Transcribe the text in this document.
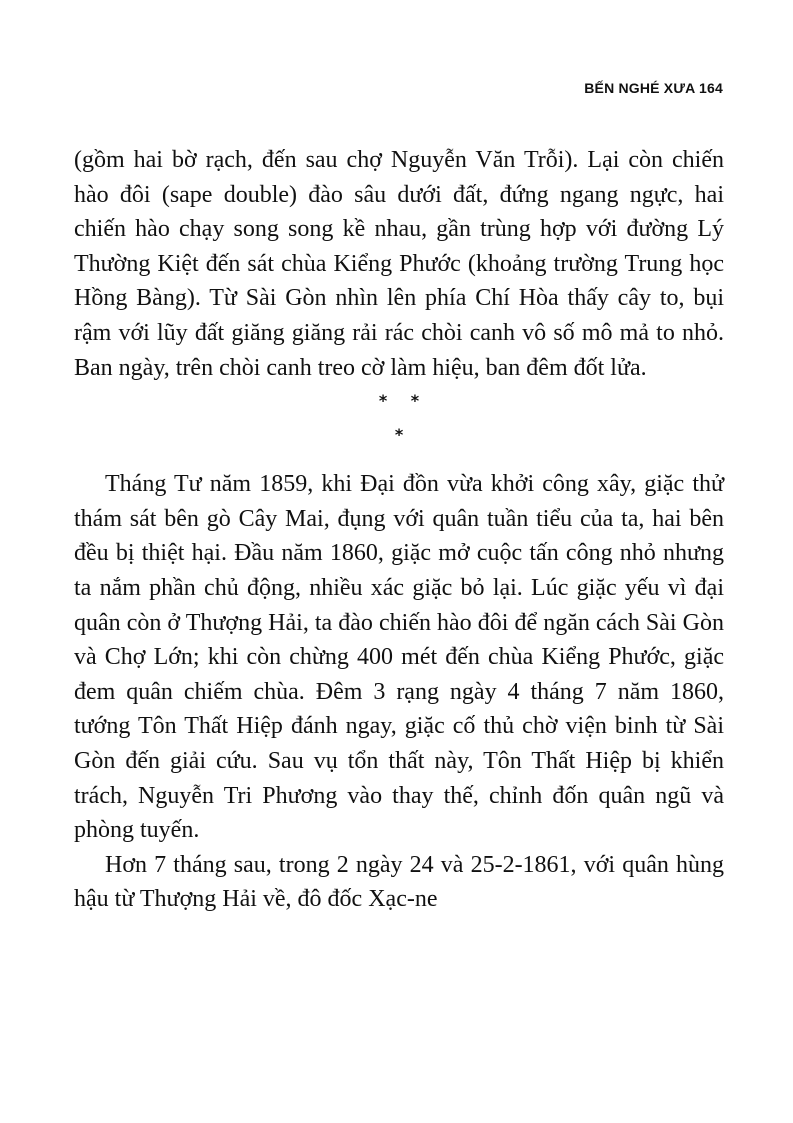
BẾN NGHÉ XƯA 164

(gồm hai bờ rạch, đến sau chợ Nguyễn Văn Trỗi). Lại còn chiến hào đôi (sape double) đào sâu dưới đất, đứng ngang ngực, hai chiến hào chạy song song kề nhau, gần trùng hợp với đường Lý Thường Kiệt đến sát chùa Kiểng Phước (khoảng trường Trung học Hồng Bàng). Từ Sài Gòn nhìn lên phía Chí Hòa thấy cây to, bụi rậm với lũy đất giăng giăng rải rác chòi canh vô số mô mả to nhỏ. Ban ngày, trên chòi canh treo cờ làm hiệu, ban đêm đốt lửa.

* *
*

Tháng Tư năm 1859, khi Đại đồn vừa khởi công xây, giặc thử thám sát bên gò Cây Mai, đụng với quân tuần tiểu của ta, hai bên đều bị thiệt hại. Đầu năm 1860, giặc mở cuộc tấn công nhỏ nhưng ta nắm phần chủ động, nhiều xác giặc bỏ lại. Lúc giặc yếu vì đại quân còn ở Thượng Hải, ta đào chiến hào đôi để ngăn cách Sài Gòn và Chợ Lớn; khi còn chừng 400 mét đến chùa Kiểng Phước, giặc đem quân chiếm chùa. Đêm 3 rạng ngày 4 tháng 7 năm 1860, tướng Tôn Thất Hiệp đánh ngay, giặc cố thủ chờ viện binh từ Sài Gòn đến giải cứu. Sau vụ tổn thất này, Tôn Thất Hiệp bị khiển trách, Nguyễn Tri Phương vào thay thế, chỉnh đốn quân ngũ và phòng tuyến.

Hơn 7 tháng sau, trong 2 ngày 24 và 25-2-1861, với quân hùng hậu từ Thượng Hải về, đô đốc Xạc-ne
